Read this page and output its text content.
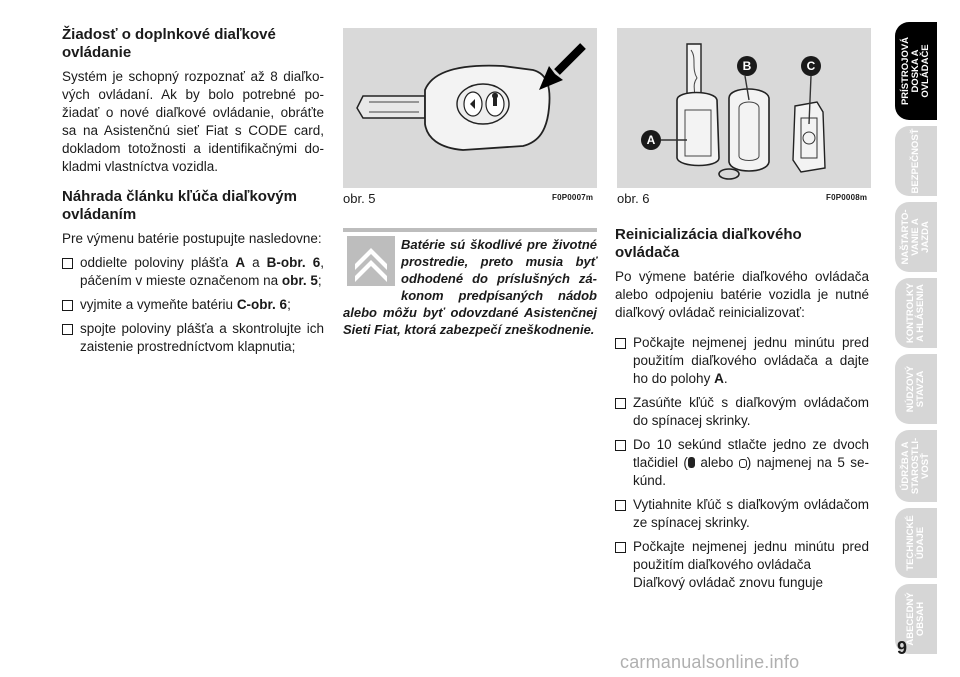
Žiadosť o doplnkové diaľkové ovládanie
Systém je schopný rozpoznať až 8 diaľko-vých ovládaní. Ak by bolo potrebné po-žiadať o nové diaľkové ovládanie, obráťte sa na Asistenčnú sieť Fiat s CODE card, dokladom totožnosti a identifikačnými do-kladmi vlastníctva vozidla.
Náhrada článku kľúča diaľkovým ovládaním
Pre výmenu batérie postupujte nasledovne:
oddielte poloviny plášťa A a B-obr. 6, páčením v mieste označenom na obr. 5;
vyjmite a vymeňte batériu C-obr. 6;
spojte poloviny plášťa a skontrolujte ich zaistenie prostredníctvom klapnutia;
obr. 5	F0P0007m
A
B	C
obr. 6	F0P0008m
Batérie sú škodlivé pre životné prostredie, preto musia byť odhodené do príslušných zá-konom predpísaných nádob alebo môžu byť odovzdané Asistenčnej Sieti Fiat, ktorá zabezpečí zneškodnenie.
Reinicializácia diaľkového ovládača
Po výmene batérie diaľkového ovládača alebo odpojeniu batérie vozidla je nutné diaľkový ovládač reinicializovať:
Počkajte nejmenej jednu minútu pred použitím diaľkového ovládača a dajte ho do polohy A.
Zasúňte kľúč s diaľkovým ovládačom do spínacej skrinky.
Do 10 sekúnd stlačte jedno ze dvoch tlačidiel ( alebo ) najmenej na 5 se-kúnd.
Vytiahnite kľúč s diaľkovým ovládačom ze spínacej skrinky.
Počkajte nejmenej jednu minútu pred použitím diaľkového ovládača
Diaľkový ovládač znovu funguje
PRÍSTROJOVÁ DOSKA A OVLÁDAČE
BEZPEČNOSŤ
NAŠTARTO- VANIE A JAZDA
KONTROLKY A HLÁSENIA
NÚDZOVÝ STAVZA
ÚDRŽBA A STAROSTLI- VOSŤ
TECHNICKÉ ÚDAJE
ABECEDNÝ OBSAH
9
carmanualsonline.info
